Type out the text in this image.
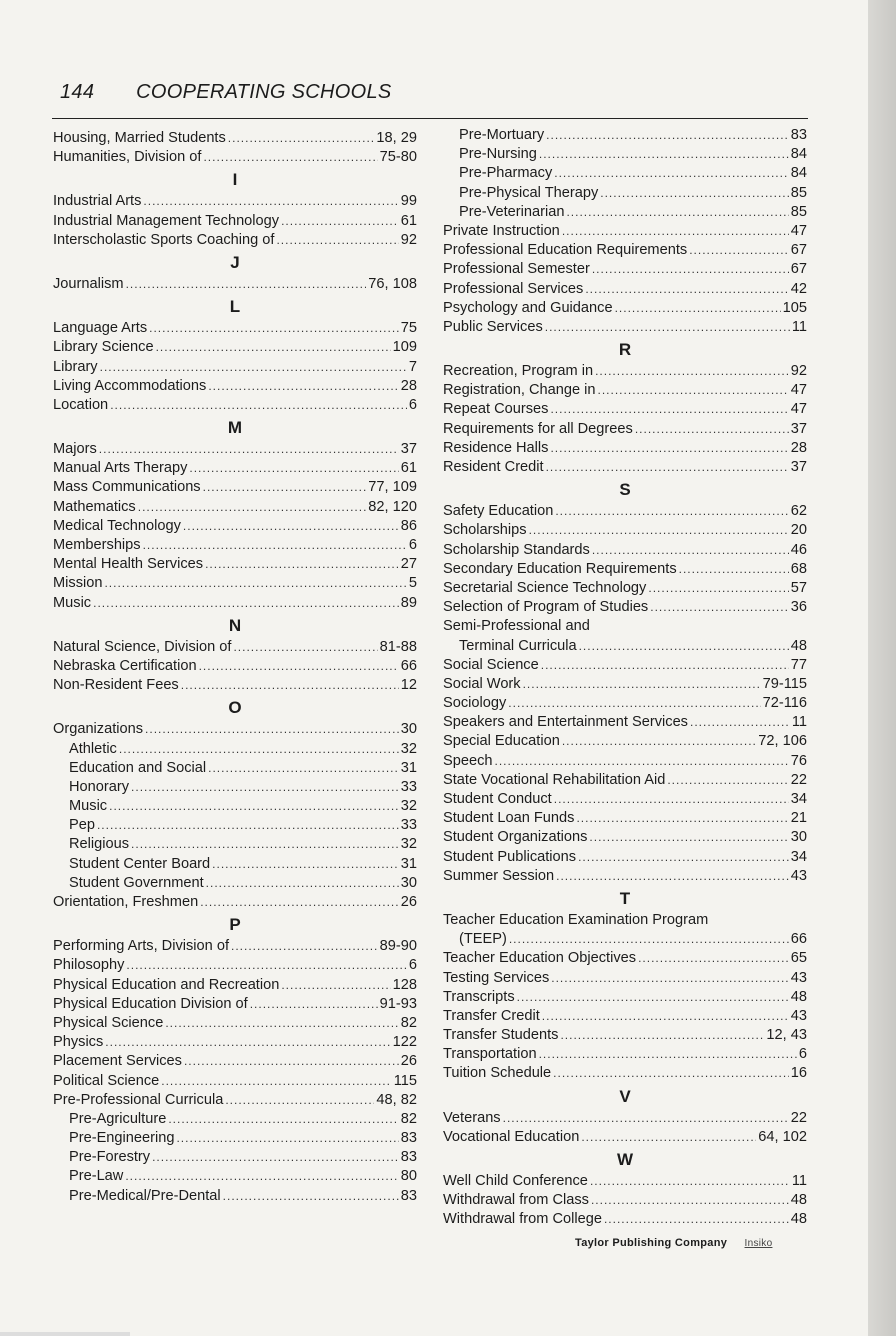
144 COOPERATING SCHOOLS
Housing, Married Students .....	18, 29
Humanities, Division of .....	75-80
I
Industrial Arts .....	99
Industrial Management Technology .....	61
Interscholastic Sports Coaching of .....	92
J
Journalism .....	76, 108
L
Language Arts .....	75
Library Science .....	109
Library .....	7
Living Accommodations .....	28
Location .....	6
M
Majors .....	37
Manual Arts Therapy .....	61
Mass Communications .....	77, 109
Mathematics .....	82, 120
Medical Technology .....	86
Memberships .....	6
Mental Health Services .....	27
Mission .....	5
Music .....	89
N
Natural Science, Division of .....	81-88
Nebraska Certification .....	66
Non-Resident Fees .....	12
O
Organizations .....	30
Athletic .....	32
Education and Social .....	31
Honorary .....	33
Music .....	32
Pep .....	33
Religious .....	32
Student Center Board .....	31
Student Government .....	30
Orientation, Freshmen .....	26
P
Performing Arts, Division of .....	89-90
Philosophy .....	6
Physical Education and Recreation .....	128
Physical Education Division of .....	91-93
Physical Science .....	82
Physics .....	122
Placement Services .....	26
Political Science .....	115
Pre-Professional Curricula .....	48, 82
Pre-Agriculture .....	82
Pre-Engineering .....	83
Pre-Forestry .....	83
Pre-Law .....	80
Pre-Medical/Pre-Dental .....	83
Pre-Mortuary .....	83
Pre-Nursing .....	84
Pre-Pharmacy .....	84
Pre-Physical Therapy .....	85
Pre-Veterinarian .....	85
Private Instruction .....	47
Professional Education Requirements .....	67
Professional Semester .....	67
Professional Services .....	42
Psychology and Guidance .....	105
Public Services .....	11
R
Recreation, Program in .....	92
Registration, Change in .....	47
Repeat Courses .....	47
Requirements for all Degrees .....	37
Residence Halls .....	28
Resident Credit .....	37
S
Safety Education .....	62
Scholarships .....	20
Scholarship Standards .....	46
Secondary Education Requirements .....	68
Secretarial Science Technology .....	57
Selection of Program of Studies .....	36
Semi-Professional and
Terminal Curricula .....	48
Social Science .....	77
Social Work .....	79-115
Sociology .....	72-116
Speakers and Entertainment Services .....	11
Special Education .....	72, 106
Speech .....	76
State Vocational Rehabilitation Aid .....	22
Student Conduct .....	34
Student Loan Funds .....	21
Student Organizations .....	30
Student Publications .....	34
Summer Session .....	43
T
Teacher Education Examination Program
(TEEP) .....	66
Teacher Education Objectives .....	65
Testing Services .....	43
Transcripts .....	48
Transfer Credit .....	43
Transfer Students .....	12, 43
Transportation .....	6
Tuition Schedule .....	16
V
Veterans .....	22
Vocational Education .....	64, 102
W
Well Child Conference .....	11
Withdrawal from Class .....	48
Withdrawal from College .....	48
Taylor Publishing Company Insiko
